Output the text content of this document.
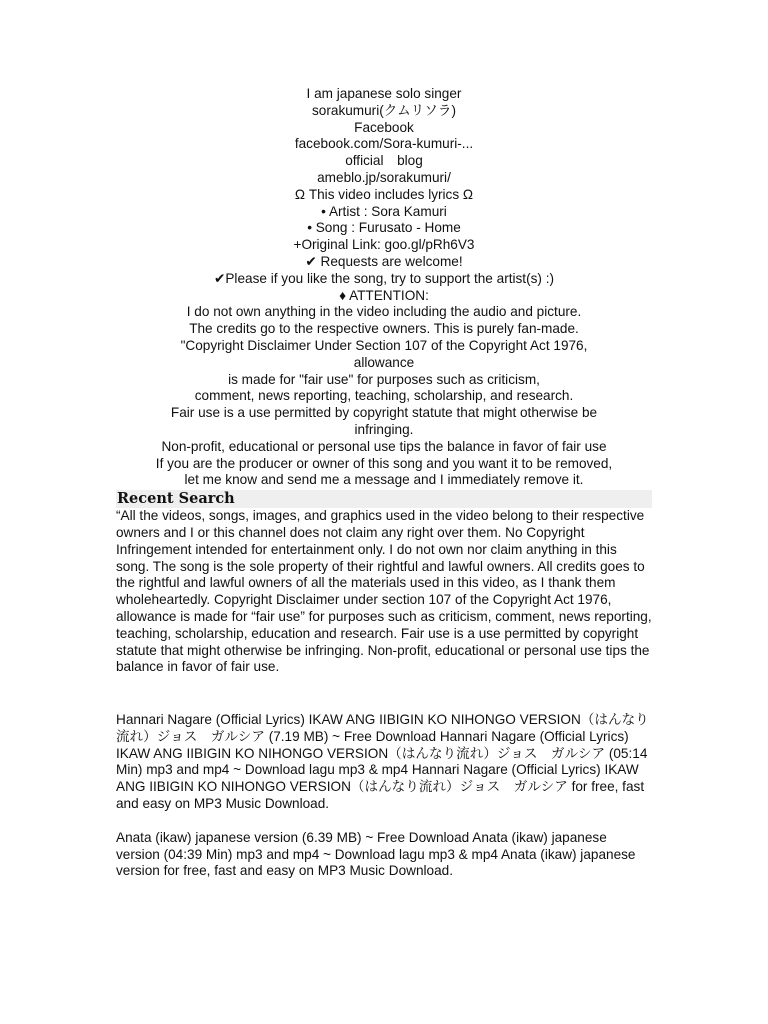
I am japanese solo singer
sorakumuri(クムリソラ)
Facebook
facebook.com/Sora-kumuri-...
official　blog
ameblo.jp/sorakumuri/
Ω This video includes lyrics Ω
• Artist : Sora Kamuri
• Song : Furusato - Home
+Original Link: goo.gl/pRh6V3
✔ Requests are welcome!
✔Please if you like the song, try to support the artist(s) :)
♦ ATTENTION:
I do not own anything in the video including the audio and picture.
The credits go to the respective owners. This is purely fan-made.
"Copyright Disclaimer Under Section 107 of the Copyright Act 1976,
allowance
is made for "fair use" for purposes such as criticism,
comment, news reporting, teaching, scholarship, and research.
Fair use is a use permitted by copyright statute that might otherwise be
infringing.
Non-profit, educational or personal use tips the balance in favor of fair use
If you are the producer or owner of this song and you want it to be removed,
let me know and send me a message and I immediately remove it.
Recent Search

“All the videos, songs, images, and graphics used in the video belong to their respective owners and I or this channel does not claim any right over them. No Copyright Infringement intended for entertainment only. I do not own nor claim anything in this song. The song is the sole property of their rightful and lawful owners. All credits goes to the rightful and lawful owners of all the materials used in this video, as I thank them wholeheartedly. Copyright Disclaimer under section 107 of the Copyright Act 1976, allowance is made for “fair use” for purposes such as criticism, comment, news reporting, teaching, scholarship, education and research. Fair use is a use permitted by copyright statute that might otherwise be infringing. Non-profit, educational or personal use tips the balance in favor of fair use.

Hannari Nagare (Official Lyrics) IKAW ANG IIBIGIN KO NIHONGO VERSION（はんなり流れ）ジョス　ガルシア (7.19 MB) ~ Free Download Hannari Nagare (Official Lyrics) IKAW ANG IIBIGIN KO NIHONGO VERSION（はんなり流れ）ジョス　ガルシア (05:14 Min) mp3 and mp4 ~ Download lagu mp3 & mp4 Hannari Nagare (Official Lyrics) IKAW ANG IIBIGIN KO NIHONGO VERSION（はんなり流れ）ジョス　ガルシア for free, fast and easy on MP3 Music Download.

Anata (ikaw) japanese version (6.39 MB) ~ Free Download Anata (ikaw) japanese version (04:39 Min) mp3 and mp4 ~ Download lagu mp3 & mp4 Anata (ikaw) japanese version for free, fast and easy on MP3 Music Download.
